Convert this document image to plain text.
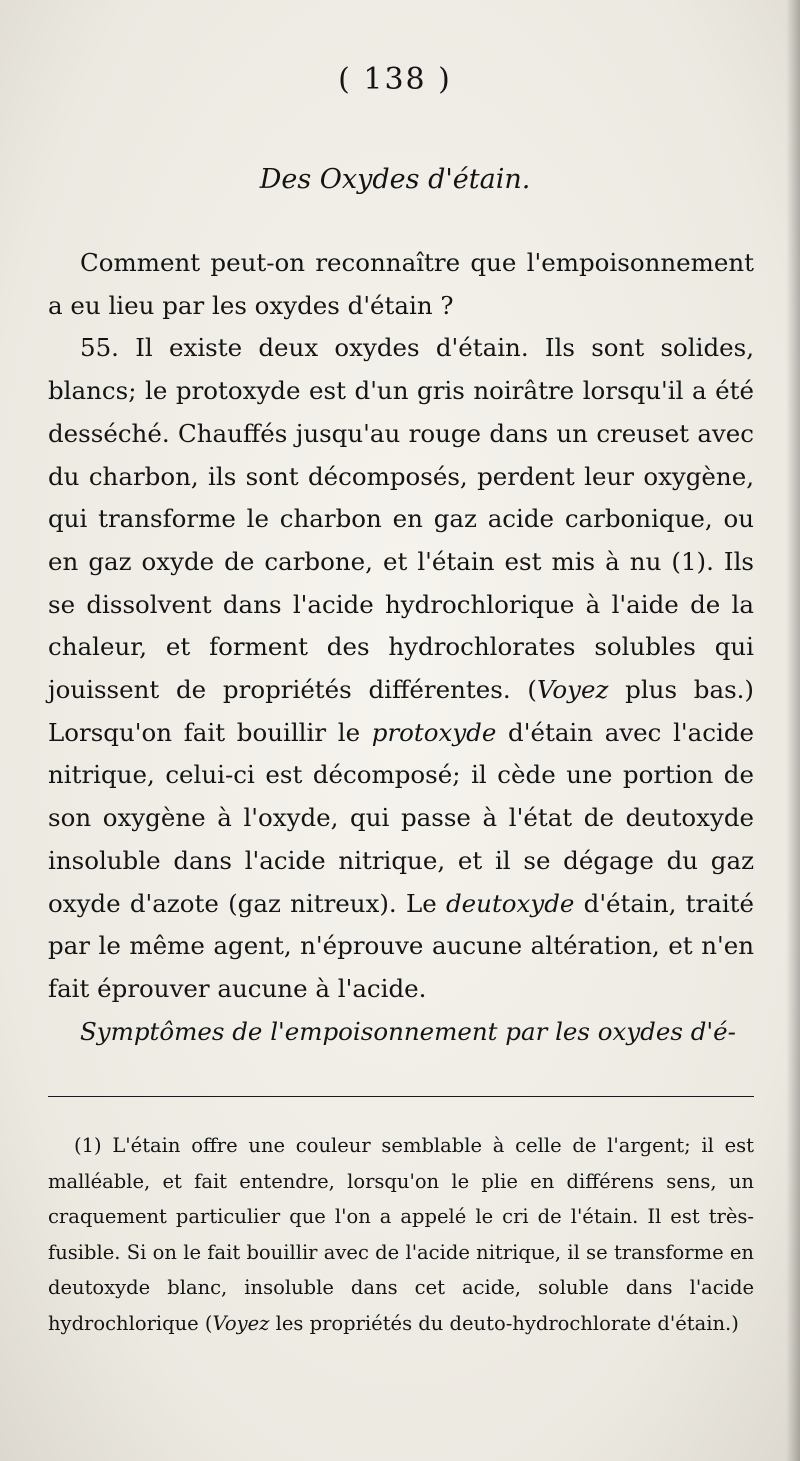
( 138 )
Des Oxydes d'étain.

Comment peut-on reconnaître que l'empoisonnement a eu lieu par les oxydes d'étain ?

55. Il existe deux oxydes d'étain. Ils sont solides, blancs; le protoxyde est d'un gris noirâtre lorsqu'il a été desséché. Chauffés jusqu'au rouge dans un creuset avec du charbon, ils sont décomposés, perdent leur oxygène, qui transforme le charbon en gaz acide carbonique, ou en gaz oxyde de carbone, et l'étain est mis à nu (1). Ils se dissolvent dans l'acide hydrochlorique à l'aide de la chaleur, et forment des hydrochlorates solubles qui jouissent de propriétés différentes. (Voyez plus bas.) Lorsqu'on fait bouillir le protoxyde d'étain avec l'acide nitrique, celui-ci est décomposé; il cède une portion de son oxygène à l'oxyde, qui passe à l'état de deutoxyde insoluble dans l'acide nitrique, et il se dégage du gaz oxyde d'azote (gaz nitreux). Le deutoxyde d'étain, traité par le même agent, n'éprouve aucune altération, et n'en fait éprouver aucune à l'acide.

Symptômes de l'empoisonnement par les oxydes d'é-

(1) L'étain offre une couleur semblable à celle de l'argent; il est malléable, et fait entendre, lorsqu'on le plie en différens sens, un craquement particulier que l'on a appelé le cri de l'étain. Il est très-fusible. Si on le fait bouillir avec de l'acide nitrique, il se transforme en deutoxyde blanc, insoluble dans cet acide, soluble dans l'acide hydrochlorique (Voyez les propriétés du deuto-hydrochlorate d'étain.)
